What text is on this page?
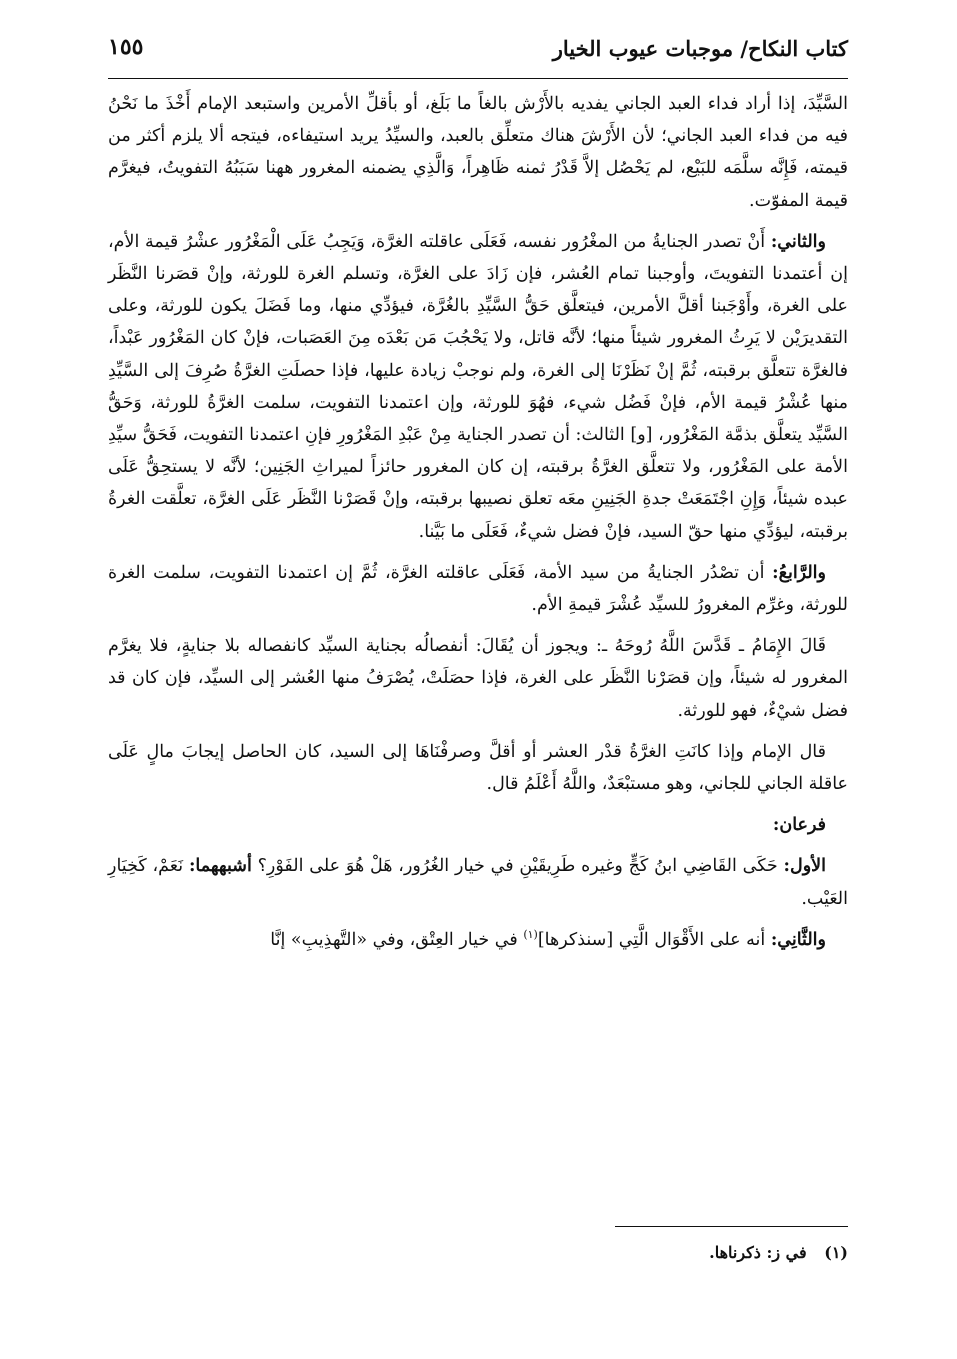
كتاب النكاح/ موجبات عيوب الخيار
١٥٥

السَّيِّدَ، إذا أراد فداء العبد الجاني يفديه بالأَرْش بالغاً ما بَلَغ، أو بأقلِّ الأمرين واستبعد الإمام أَخْذَ ما نَحْنُ فيه من فداء العبد الجاني؛ لأن الأَرْشَ هناك متعلِّق بالعبد، والسيِّدُ يريد استيفاءه، فيتجه ألا يلزم أكثر من قيمته، فَإِنَّه سلَّمَه للبَيْع، لم يَحْصُل إلاَّ قَدْرُ ثمنه ظَاهِراً، وَالَّذِي يضمنه المغرور ههنا سَبَبُهُ التفويتُ، فيغرَّم قيمة المفوّت.

والثاني: أَنْ تصدر الجنايةُ من المغْرُور نفسه، فَعَلَى عاقلته الغرَّة، وَيَجِبُ عَلَى الْمَغْرُور عشْرُ قيمة الأم، إن أعتمدنا التفويتَ، وأوجبنا تمام العُشر، فإن زَادَ على الغرَّة، وتسلم الغرة للورثة، وإنْ قصَرنا النَّظَر على الغرة، وأَوْجَبنا أقلَّ الأمرين، فيتعلَّق حَقُّ السَّيِّدِ بالغُرَّة، فيؤدِّي منها، وما فَضَلَ يكون للورثة، وعلى التقديرَيْن لا يَرِثُ المغرور شيئاً منها؛ لأنَّه قاتل، ولا يَحْجُبَ مَن بَعْدَه مِنَ العَصَبات، فإنْ كان المَغْرُور عَبْداً، فالغرَّة تتعلَّق برقبته، ثُمَّ إنْ نَظَرْنَا إلى الغرة، ولم نوجبْ زيادة عليها، فإذا حصلَتِ الغرَّةُ صُرِفَ إلى السَّيِّدِ منها عُشْرُ قيمة الأم، فإنْ فَضُل شيء، فهُوَ للورثة، وإن اعتمدنا التفويت، سلمت الغرَّةُ للورثة، وَحَقُّ السَّيِّد يتعلَّق بذمَّة المَغْرُور، [و] الثالث: أن تصدر الجناية مِنْ عَبْدِ المَغْرُورِ فإنِ اعتمدنا التفويت، فَحَقُّ سيِّدِ الأمة على المَغْرُور، ولا تتعلَّق الغرَّةُ برقبته، إن كان المغرور حائزاً لميراثِ الجَنِين؛ لأنَّه لا يستحِقُّ عَلَى عبده شيئاً، وَإِنِ اجْتَمَعَتْ جدةِ الجَنِينِ معَه تعلق نصيبها برقبته، وإنْ قَصَرْنا النَّظَر عَلَى الغرَّة، تعلَّقت الغرةُ برقبته، ليؤدِّي منها حقّ السيد، فإنْ فضل شيءٌ، فَعَلَى ما بَيَّنا.

والرَّابعُ: أن تصْدُر الجنايةُ من سيد الأمة، فَعَلَى عاقلته الغرَّة، ثُمَّ إن اعتمدنا التفويت، سلمت الغرة للورثة، وغرِّم المغرورُ للسيِّد عُشْرَ قيمةِ الأم.

قَالَ الإِمَامُ ـ قَدَّسَ اللَّهُ رُوحَهُ ـ: ويجوز أن يُقَالَ: أنفصالُه بجناية السيِّد كانفصاله بلا جنايةٍ، فلا يغرَّم المغرور له شيئاً، وإن قصَرْنا النَّظَر على الغرة، فإذا حصَلَتْ، يُصْرَفُ منها العُشر إلى السيِّد، فإن كان قد فضل شيْءٌ، فهو للورثة.

قال الإمام وإذا كانَتِ الغرَّةُ قدْر العشر أو أقلَّ وصرفْنَاهَا إلى السيد، كان الحاصل إيجابَ مالٍ عَلَى عاقلة الجاني للجاني، وهو مستبْعَدٌ، واللَّهُ أَعْلَمُ قال.

فرعان:

الأول: حَكَى القَاضِي ابنُ كَجٍّ وغيره طَرِيقَيْنِ في خيار الغُرُور، هَلْ هُوَ على الفَوْرِ؟ أشبههما: نَعَمْ، كَخِيَارِ العَيْب.

والثَّانِي: أنه على الأَقْوَال الَّتِي [سنذكرها]$^{(١)}$ في خيار العِتْق، وفي «التَّهذِيبِ» إنَّا

(١) في ز: ذكرناها.
